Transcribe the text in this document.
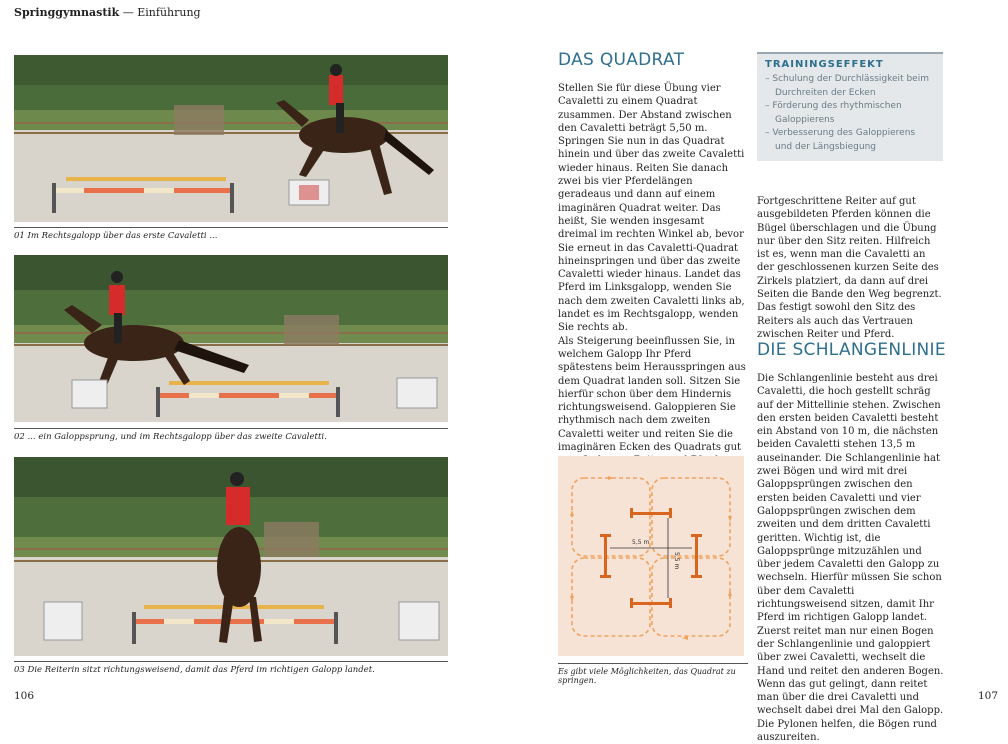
Springgymnastik — Einführung
01 Im Rechtsgalopp über das erste Cavaletti ...
02 ... ein Galoppsprung, und im Rechtsgalopp über das zweite Cavaletti.
03 Die Reiterin sitzt richtungsweisend, damit das Pferd im richtigen Galopp landet.
106
DAS QUADRAT

Stellen Sie für diese Übung vier Cavaletti zu einem Quadrat zusammen. Der Abstand zwischen den Cavaletti beträgt 5,50 m. Springen Sie nun in das Quadrat hinein und über das zweite Cavaletti wieder hinaus. Reiten Sie danach zwei bis vier Pferdelängen geradeaus und dann auf einem imaginären Quadrat weiter. Das heißt, Sie wenden insgesamt dreimal im rechten Winkel ab, bevor Sie erneut in das Cavaletti-Quadrat hineinspringen und über das zweite Cavaletti wieder hinaus. Landet das Pferd im Linksgalopp, wenden Sie nach dem zweiten Cavaletti links ab, landet es im Rechtsgalopp, wenden Sie rechts ab.

Als Steigerung beeinflussen Sie, in welchem Galopp Ihr Pferd spätestens beim Herausspringen aus dem Quadrat landen soll. Sitzen Sie hierfür schon über dem Hindernis richtungsweisend. Galoppieren Sie rhythmisch nach dem zweiten Cavaletti weiter und reiten Sie die imaginären Ecken des Quadrats gut

TRAININGSEFFEKT
– Schulung der Durchlässigkeit beim Durchreiten der Ecken
– Förderung des rhythmischen Galoppierens
– Verbesserung des Galoppierens und der Längsbiegung
Fortgeschrittene Reiter auf gut ausgebildeten Pferden können die Bügel überschlagen und die Übung nur über den Sitz reiten. Hilfreich ist es, wenn man die Cavaletti an der geschlossenen kurzen Seite des Zirkels platziert, da dann auf drei Seiten die Bande den Weg begrenzt. Das festigt sowohl den Sitz des Reiters als auch das Vertrauen zwischen Reiter und Pferd.
DIE SCHLANGENLINIE
Die Schlangenlinie besteht aus drei Cavaletti, die hoch gestellt schräg auf der Mittellinie stehen. Zwischen den ersten beiden Cavaletti besteht ein Abstand von 10 m, die nächsten beiden Cavaletti stehen 13,5 m auseinander. Die Schlangenlinie hat zwei Bögen und wird mit drei Galoppsprüngen zwischen den ersten beiden Cavaletti und vier Galoppsprüngen zwischen dem zweiten und dem dritten Cavaletti geritten. Wichtig ist, die Galoppsprünge mitzuzählen und über jedem Cavaletti den Galopp zu wechseln. Hierfür müssen Sie schon über dem Cavaletti richtungsweisend sitzen, damit Ihr Pferd im richtigen Galopp landet. Zuerst reitet man nur einen Bogen der Schlangenlinie und galoppiert über zwei Cavaletti, wechselt die Hand und reitet den anderen Bogen. Wenn das gut gelingt, dann reitet man über die drei Cavaletti und wechselt dabei drei Mal den Galopp. Die Pylonen helfen, die Bögen rund auszureiten.
5,5 m
5,5 m
Es gibt viele Möglichkeiten, das Quadrat zu springen.
107
